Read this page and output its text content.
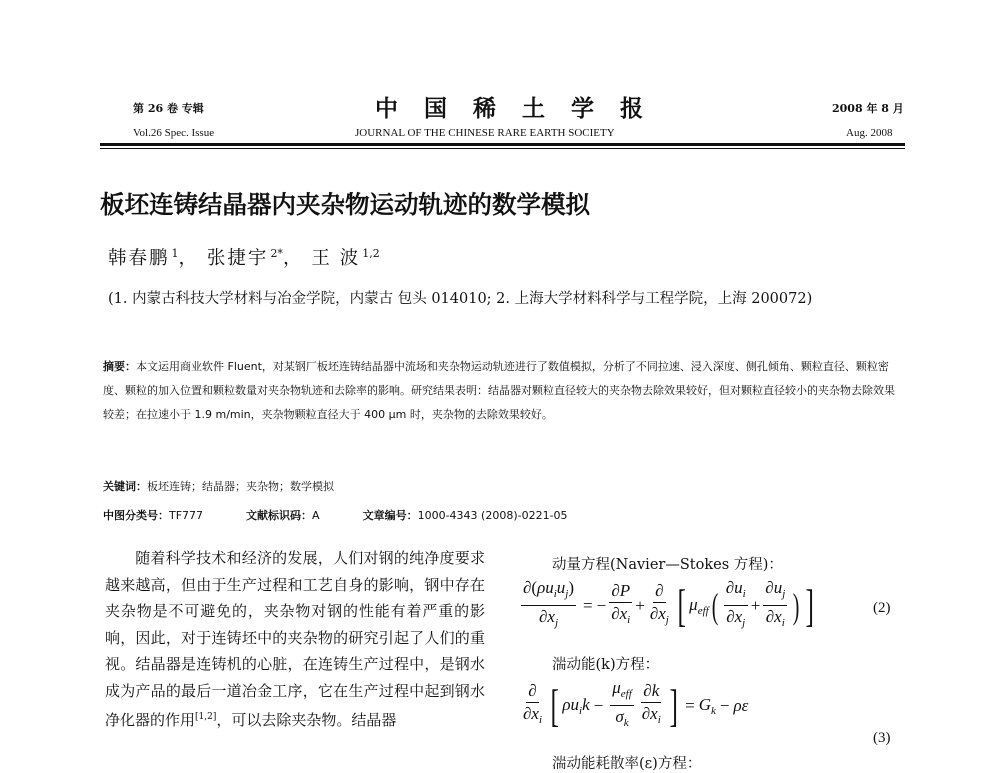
第 26 卷 专辑	中国稀土学报	2008 年 8 月
Vol.26 Spec. Issue	JOURNAL OF THE CHINESE RARE EARTH SOCIETY	Aug. 2008
板坯连铸结晶器内夹杂物运动轨迹的数学模拟
韩春鹏 $^1$， 张捷宇 $^{2*}$， 王 波 $^{1,2}$
(1. 内蒙古科技大学材料与冶金学院，内蒙古 包头 014010; 2. 上海大学材料科学与工程学院，上海 200072)
摘要：本文运用商业软件 Fluent，对某钢厂板坯连铸结晶器中流场和夹杂物运动轨迹进行了数值模拟，分析了不同拉速、浸入深度、侧孔倾角、颗粒直径、颗粒密度、颗粒的加入位置和颗粒数量对夹杂物轨迹和去除率的影响。研究结果表明：结晶器对颗粒直径较大的夹杂物去除效果较好，但对颗粒直径较小的夹杂物去除效果较差；在拉速小于 1.9 m/min，夹杂物颗粒直径大于 400 μm 时，夹杂物的去除效果较好。
关键词：板坯连铸；结晶器；夹杂物；数学模拟
中图分类号：TF777	文献标识码：A	文章编号：1000-4343 (2008)-0221-05
随着科学技术和经济的发展，人们对钢的纯净度要求越来越高，但由于生产过程和工艺自身的影响，钢中存在夹杂物是不可避免的，夹杂物对钢的性能有着严重的影响，因此，对于连铸坯中的夹杂物的研究引起了人们的重视。结晶器是连铸机的心脏，在连铸生产过程中，是钢水成为产品的最后一道冶金工序，它在生产过程中起到钢水净化器的作用[1,2]，可以去除夹杂物。结晶器
动量方程(Navier—Stokes 方程)：
$\frac{\partial(\rho u_iu_j)}{\partial x_j}$ = − $\frac{\partial P}{\partial x_i} + \frac{\partial}{\partial x_j}$ [ $\mu_{eff}$ ( $\frac{\partial u_i}{\partial x_j} + \frac{\partial u_j}{\partial x_i}$ ) ]	(2)
湍动能(k)方程：
$\frac{\partial}{\partial x_i}$ [ $\rho u_ik - \frac{\mu_{eff}}{\sigma_k} \frac{\partial k}{\partial x_i}$ ] = $G_k - \rho\varepsilon$
(3)
湍动能耗散率(ε)方程：
